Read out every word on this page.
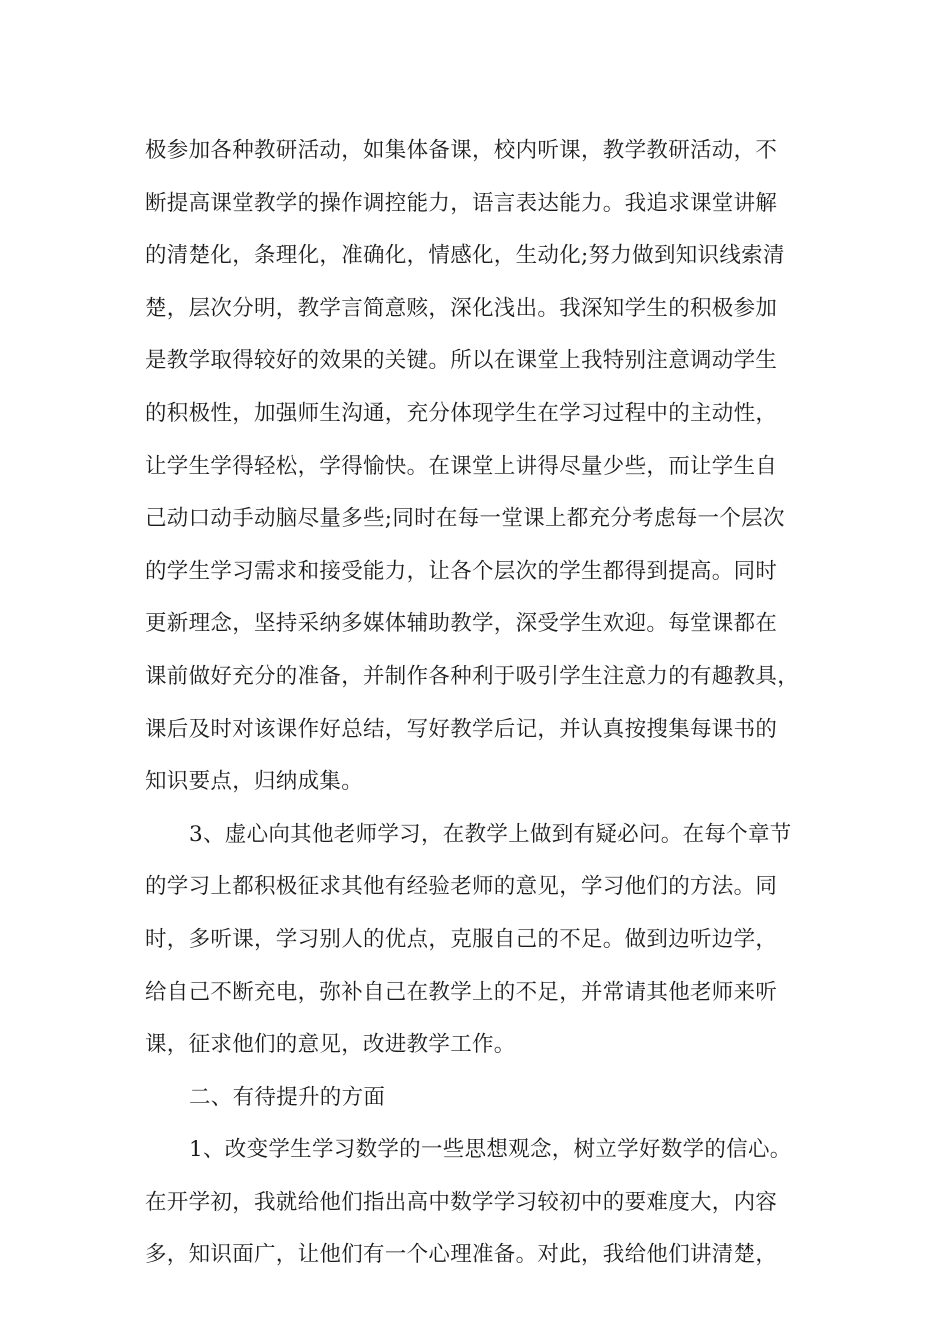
极参加各种教研活动，如集体备课，校内听课，教学教研活动，不
断提高课堂教学的操作调控能力，语言表达能力。我追求课堂讲解
的清楚化，条理化，准确化，情感化，生动化;努力做到知识线索清
楚，层次分明，教学言简意赅，深化浅出。我深知学生的积极参加
是教学取得较好的效果的关键。所以在课堂上我特别注意调动学生
的积极性，加强师生沟通，充分体现学生在学习过程中的主动性，
让学生学得轻松，学得愉快。在课堂上讲得尽量少些，而让学生自
己动口动手动脑尽量多些;同时在每一堂课上都充分考虑每一个层次
的学生学习需求和接受能力，让各个层次的学生都得到提高。同时
更新理念，坚持采纳多媒体辅助教学，深受学生欢迎。每堂课都在
课前做好充分的准备，并制作各种利于吸引学生注意力的有趣教具，
课后及时对该课作好总结，写好教学后记，并认真按搜集每课书的
知识要点，归纳成集。
3、虚心向其他老师学习，在教学上做到有疑必问。在每个章节
的学习上都积极征求其他有经验老师的意见，学习他们的方法。同
时，多听课，学习别人的优点，克服自己的不足。做到边听边学，
给自己不断充电，弥补自己在教学上的不足，并常请其他老师来听
课，征求他们的意见，改进教学工作。
二、有待提升的方面
1、改变学生学习数学的一些思想观念，树立学好数学的信心。
在开学初，我就给他们指出高中数学学习较初中的要难度大，内容
多，知识面广，让他们有一个心理准备。对此，我给他们讲清楚，
